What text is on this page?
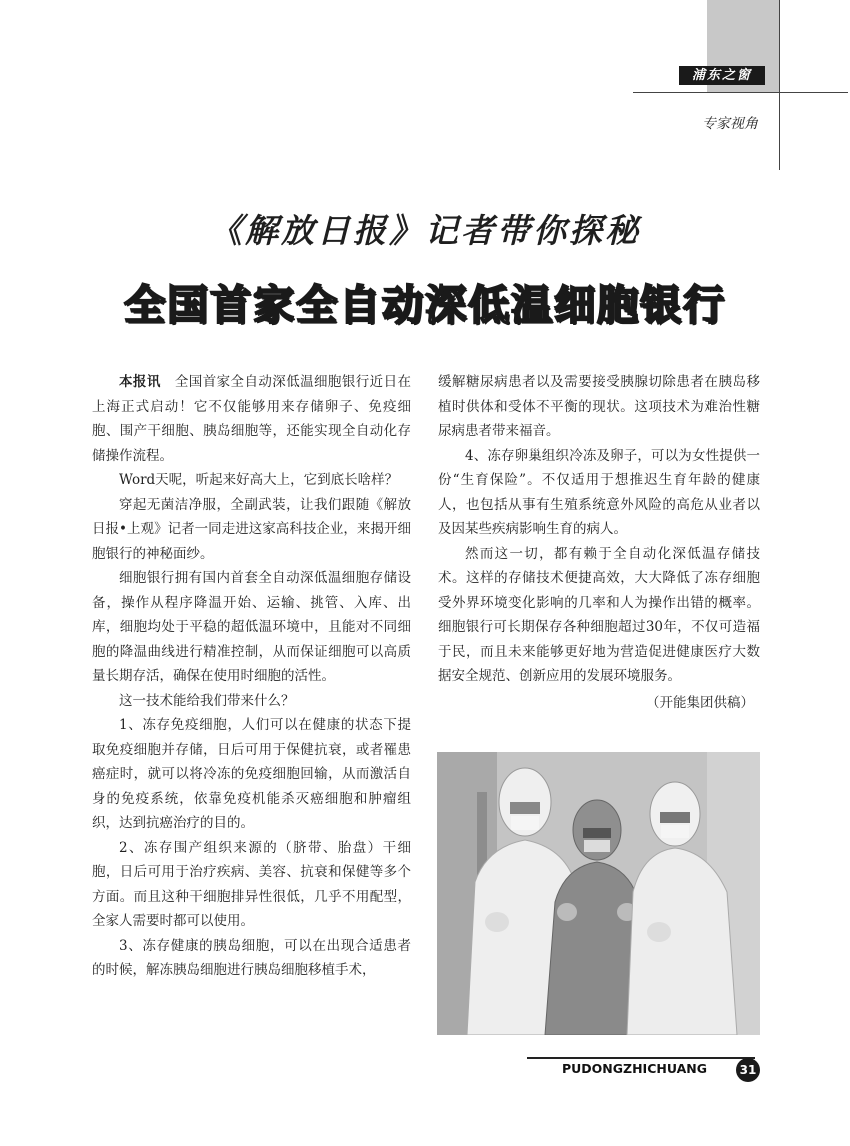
浦东之窗
专家视角
《解放日报》记者带你探秘
全国首家全自动深低温细胞银行

本报讯 全国首家全自动深低温细胞银行近日在上海正式启动！它不仅能够用来存储卵子、免疫细胞、围产干细胞、胰岛细胞等，还能实现全自动化存储操作流程。

Word天呢，听起来好高大上，它到底长啥样？

穿起无菌洁净服，全副武装，让我们跟随《解放日报•上观》记者一同走进这家高科技企业，来揭开细胞银行的神秘面纱。

细胞银行拥有国内首套全自动深低温细胞存储设备，操作从程序降温开始、运输、挑管、入库、出库，细胞均处于平稳的超低温环境中，且能对不同细胞的降温曲线进行精准控制，从而保证细胞可以高质量长期存活，确保在使用时细胞的活性。

这一技术能给我们带来什么？

1、冻存免疫细胞，人们可以在健康的状态下提取免疫细胞并存储，日后可用于保健抗衰，或者罹患癌症时，就可以将冷冻的免疫细胞回输，从而激活自身的免疫系统，依靠免疫机能杀灭癌细胞和肿瘤组织，达到抗癌治疗的目的。

2、冻存围产组织来源的（脐带、胎盘）干细胞，日后可用于治疗疾病、美容、抗衰和保健等多个方面。而且这种干细胞排异性很低，几乎不用配型，全家人需要时都可以使用。

3、冻存健康的胰岛细胞，可以在出现合适患者的时候，解冻胰岛细胞进行胰岛细胞移植手术，

缓解糖尿病患者以及需要接受胰腺切除患者在胰岛移植时供体和受体不平衡的现状。这项技术为难治性糖尿病患者带来福音。

4、冻存卵巢组织冷冻及卵子，可以为女性提供一份“生育保险”。不仅适用于想推迟生育年龄的健康人，也包括从事有生殖系统意外风险的高危从业者以及因某些疾病影响生育的病人。

然而这一切，都有赖于全自动化深低温存储技术。这样的存储技术便捷高效，大大降低了冻存细胞受外界环境变化影响的几率和人为操作出错的概率。细胞银行可长期保存各种细胞超过30年，不仅可造福于民，而且未来能够更好地为营造促进健康医疗大数据安全规范、创新应用的发展环境服务。

（开能集团供稿）

PUDONGZHICHUANG	31
